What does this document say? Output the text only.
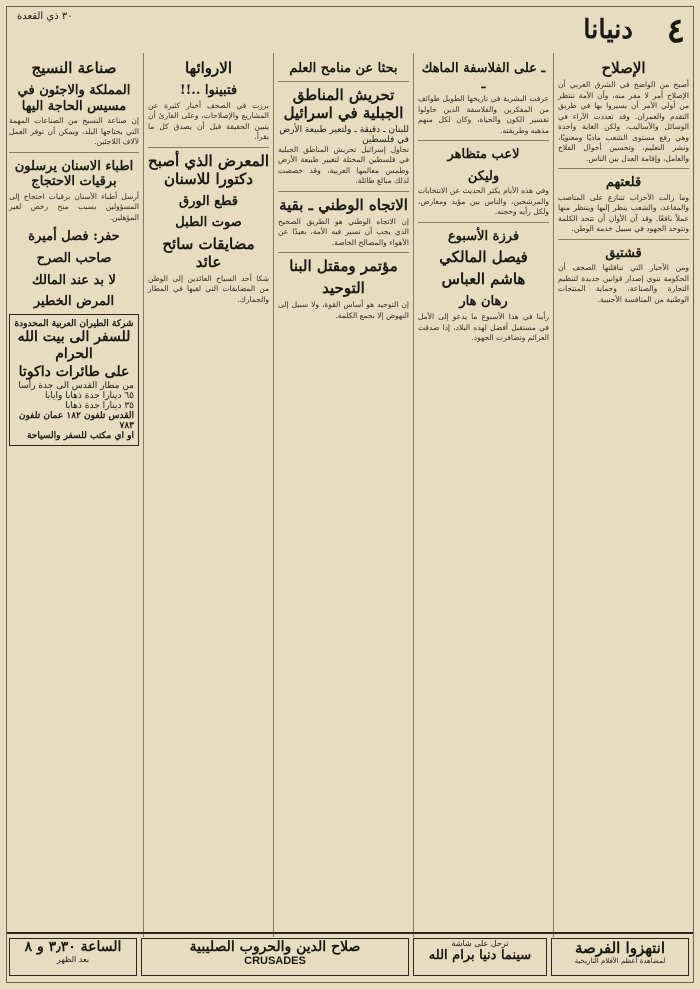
٤
دنيانا
٣٠ ذي القعدة
الإصلاح
أصبح من الواضح في الشرق العربي أن الإصلاح أمر لا مفر منه، وأن الأمة تنتظر من أولي الأمر أن يسيروا بها في طريق التقدم والعمران. وقد تعددت الآراء في الوسائل والأساليب، ولكن الغاية واحدة وهي رفع مستوى الشعب ماديًا ومعنويًا، ونشر التعليم، وتحسين أحوال الفلاح والعامل، وإقامة العدل بين الناس.
قلعتهم
وما زالت الأحزاب تتنازع على المناصب والمقاعد، والشعب ينظر إليها وينتظر منها عملاً نافعًا. وقد آن الأوان أن تتحد الكلمة وتتوحد الجهود في سبيل خدمة الوطن.
قشتيق
ومن الأخبار التي تناقلتها الصحف أن الحكومة تنوي إصدار قوانين جديدة لتنظيم التجارة والصناعة، وحماية المنتجات الوطنية من المنافسة الأجنبية.
ـ على الفلاسفة الماهك ـ
عرفت البشرية في تاريخها الطويل طوائف من المفكرين والفلاسفة الذين حاولوا تفسير الكون والحياة، وكان لكل منهم مذهبه وطريقته.
لاعب متظاهر
وليكن
وفي هذه الأيام يكثر الحديث عن الانتخابات والمرشحين، والناس بين مؤيد ومعارض، ولكل رأيه وحجته.
فرزة الأسبوع
فيصل المالكي
هاشم العباس
رهان هار
رأينا في هذا الأسبوع ما يدعو إلى الأمل في مستقبل أفضل لهذه البلاد، إذا صدقت العزائم وتضافرت الجهود.
بحثا عن منامح العلم
تحريش المناطق الجبلية في اسرائيل
للبنان ـ دقيقة ـ ولتعير طبيعة الأرض في فلسطين
تحاول إسرائيل تحريش المناطق الجبلية في فلسطين المحتلة لتغيير طبيعة الأرض وطمس معالمها العربية، وقد خصصت لذلك مبالغ طائلة.
الاتجاه الوطني ـ بقية
إن الاتجاه الوطني هو الطريق الصحيح الذي يجب أن تسير فيه الأمة، بعيدًا عن الأهواء والمصالح الخاصة.
مؤتمر ومقتل البنا
التوحيد
إن التوحيد هو أساس القوة، ولا سبيل إلى النهوض إلا بجمع الكلمة.
الاروائها
فتبينوا ..!!
برزت في الصحف أخبار كثيرة عن المشاريع والإصلاحات، وعلى القارئ أن يتبين الحقيقة قبل أن يصدق كل ما يقرأ.
المعرض الذي أصبح دكتورا للاسنان
قطع الورق
صوت الطبل
مضايقات سائح عائد
شكا أحد السياح العائدين إلى الوطن من المضايقات التي لقيها في المطار والجمارك.
صناعة النسيج
المملكة والاجئون في مسيس الحاجة اليها
إن صناعة النسيج من الصناعات المهمة التي يحتاجها البلد، ويمكن أن توفر العمل لآلاف اللاجئين.
اطباء الاسنان يرسلون برقيات الاحتجاج
أرسل أطباء الأسنان برقيات احتجاج إلى المسؤولين بسبب منح رخص لغير المؤهلين.
حفر: فصل أميرة
صاحب الصرح
لا بد عند المالك
المرض الخطير
شركة الطيران العربية المحدودة
للسفر الى بيت الله الحرام
على طائرات داكوتا
من مطار القدس الى جدة رأسا
٦٥ دينارا جدة ذهابا وايابا
٣٥ دينارا جدة ذهابا
القدس تلفون ١٨٢ عمان تلفون ٧٨٣
او اي مكتب للسفر والسياحة
انتهزوا الفرصة
لمشاهدة أعظم الأفلام التاريخية
ترحل على شاشة
سينما دنيا برام الله
صلاح الدين والحروب الصليبية
CRUSADES
الساعة ٣٫٣٠ و ٨
بعد الظهر
